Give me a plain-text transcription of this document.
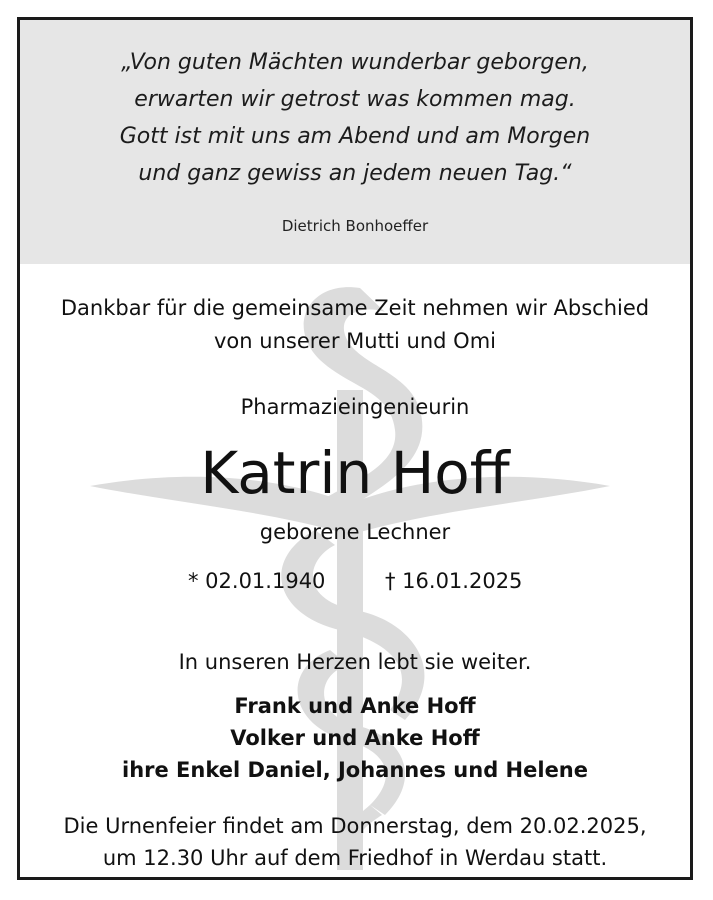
„Von guten Mächten wunderbar geborgen,
erwarten wir getrost was kommen mag.
Gott ist mit uns am Abend und am Morgen
und ganz gewiss an jedem neuen Tag.“
Dietrich Bonhoeffer
Dankbar für die gemeinsame Zeit nehmen wir Abschied
von unserer Mutti und Omi
Pharmazieingenieurin
Katrin Hoff
geborene Lechner
* 02.01.1940	† 16.01.2025
In unseren Herzen lebt sie weiter.
Frank und Anke Hoff
Volker und Anke Hoff
ihre Enkel Daniel, Johannes und Helene
Die Urnenfeier findet am Donnerstag, dem 20.02.2025,
um 12.30 Uhr auf dem Friedhof in Werdau statt.
